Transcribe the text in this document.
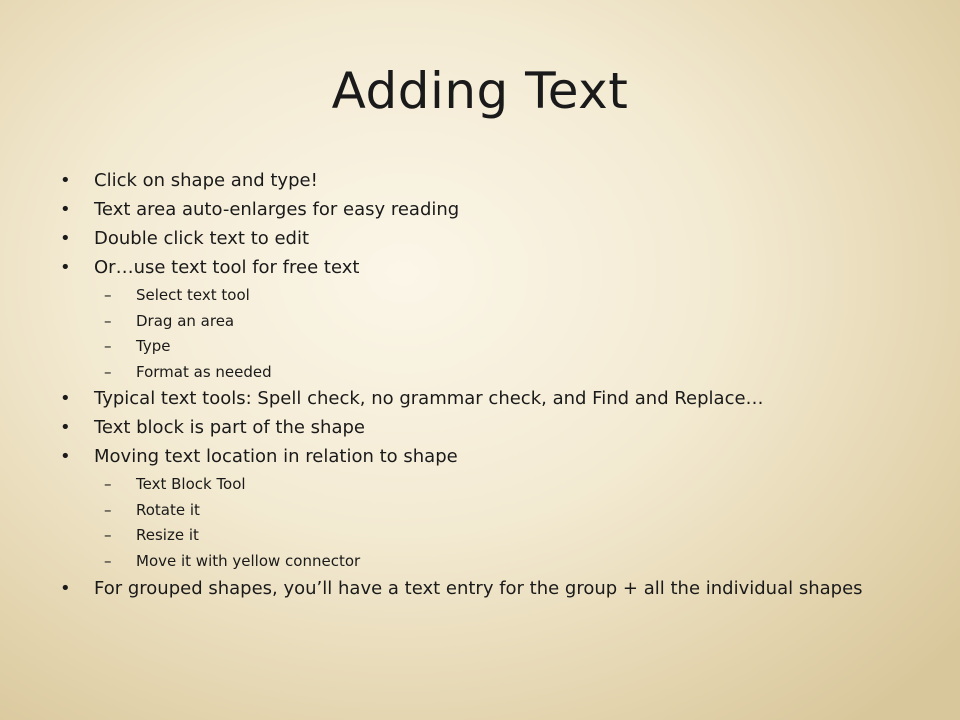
Adding Text
• Click on shape and type!
• Text area auto-enlarges for easy reading
• Double click text to edit
• Or…use text tool for free text
– Select text tool
– Drag an area
– Type
– Format as needed
• Typical text tools: Spell check, no grammar check, and Find and Replace…
• Text block is part of the shape
• Moving text location in relation to shape
– Text Block Tool
– Rotate it
– Resize it
– Move it with yellow connector
• For grouped shapes, you’ll have a text entry for the group + all the individual shapes
